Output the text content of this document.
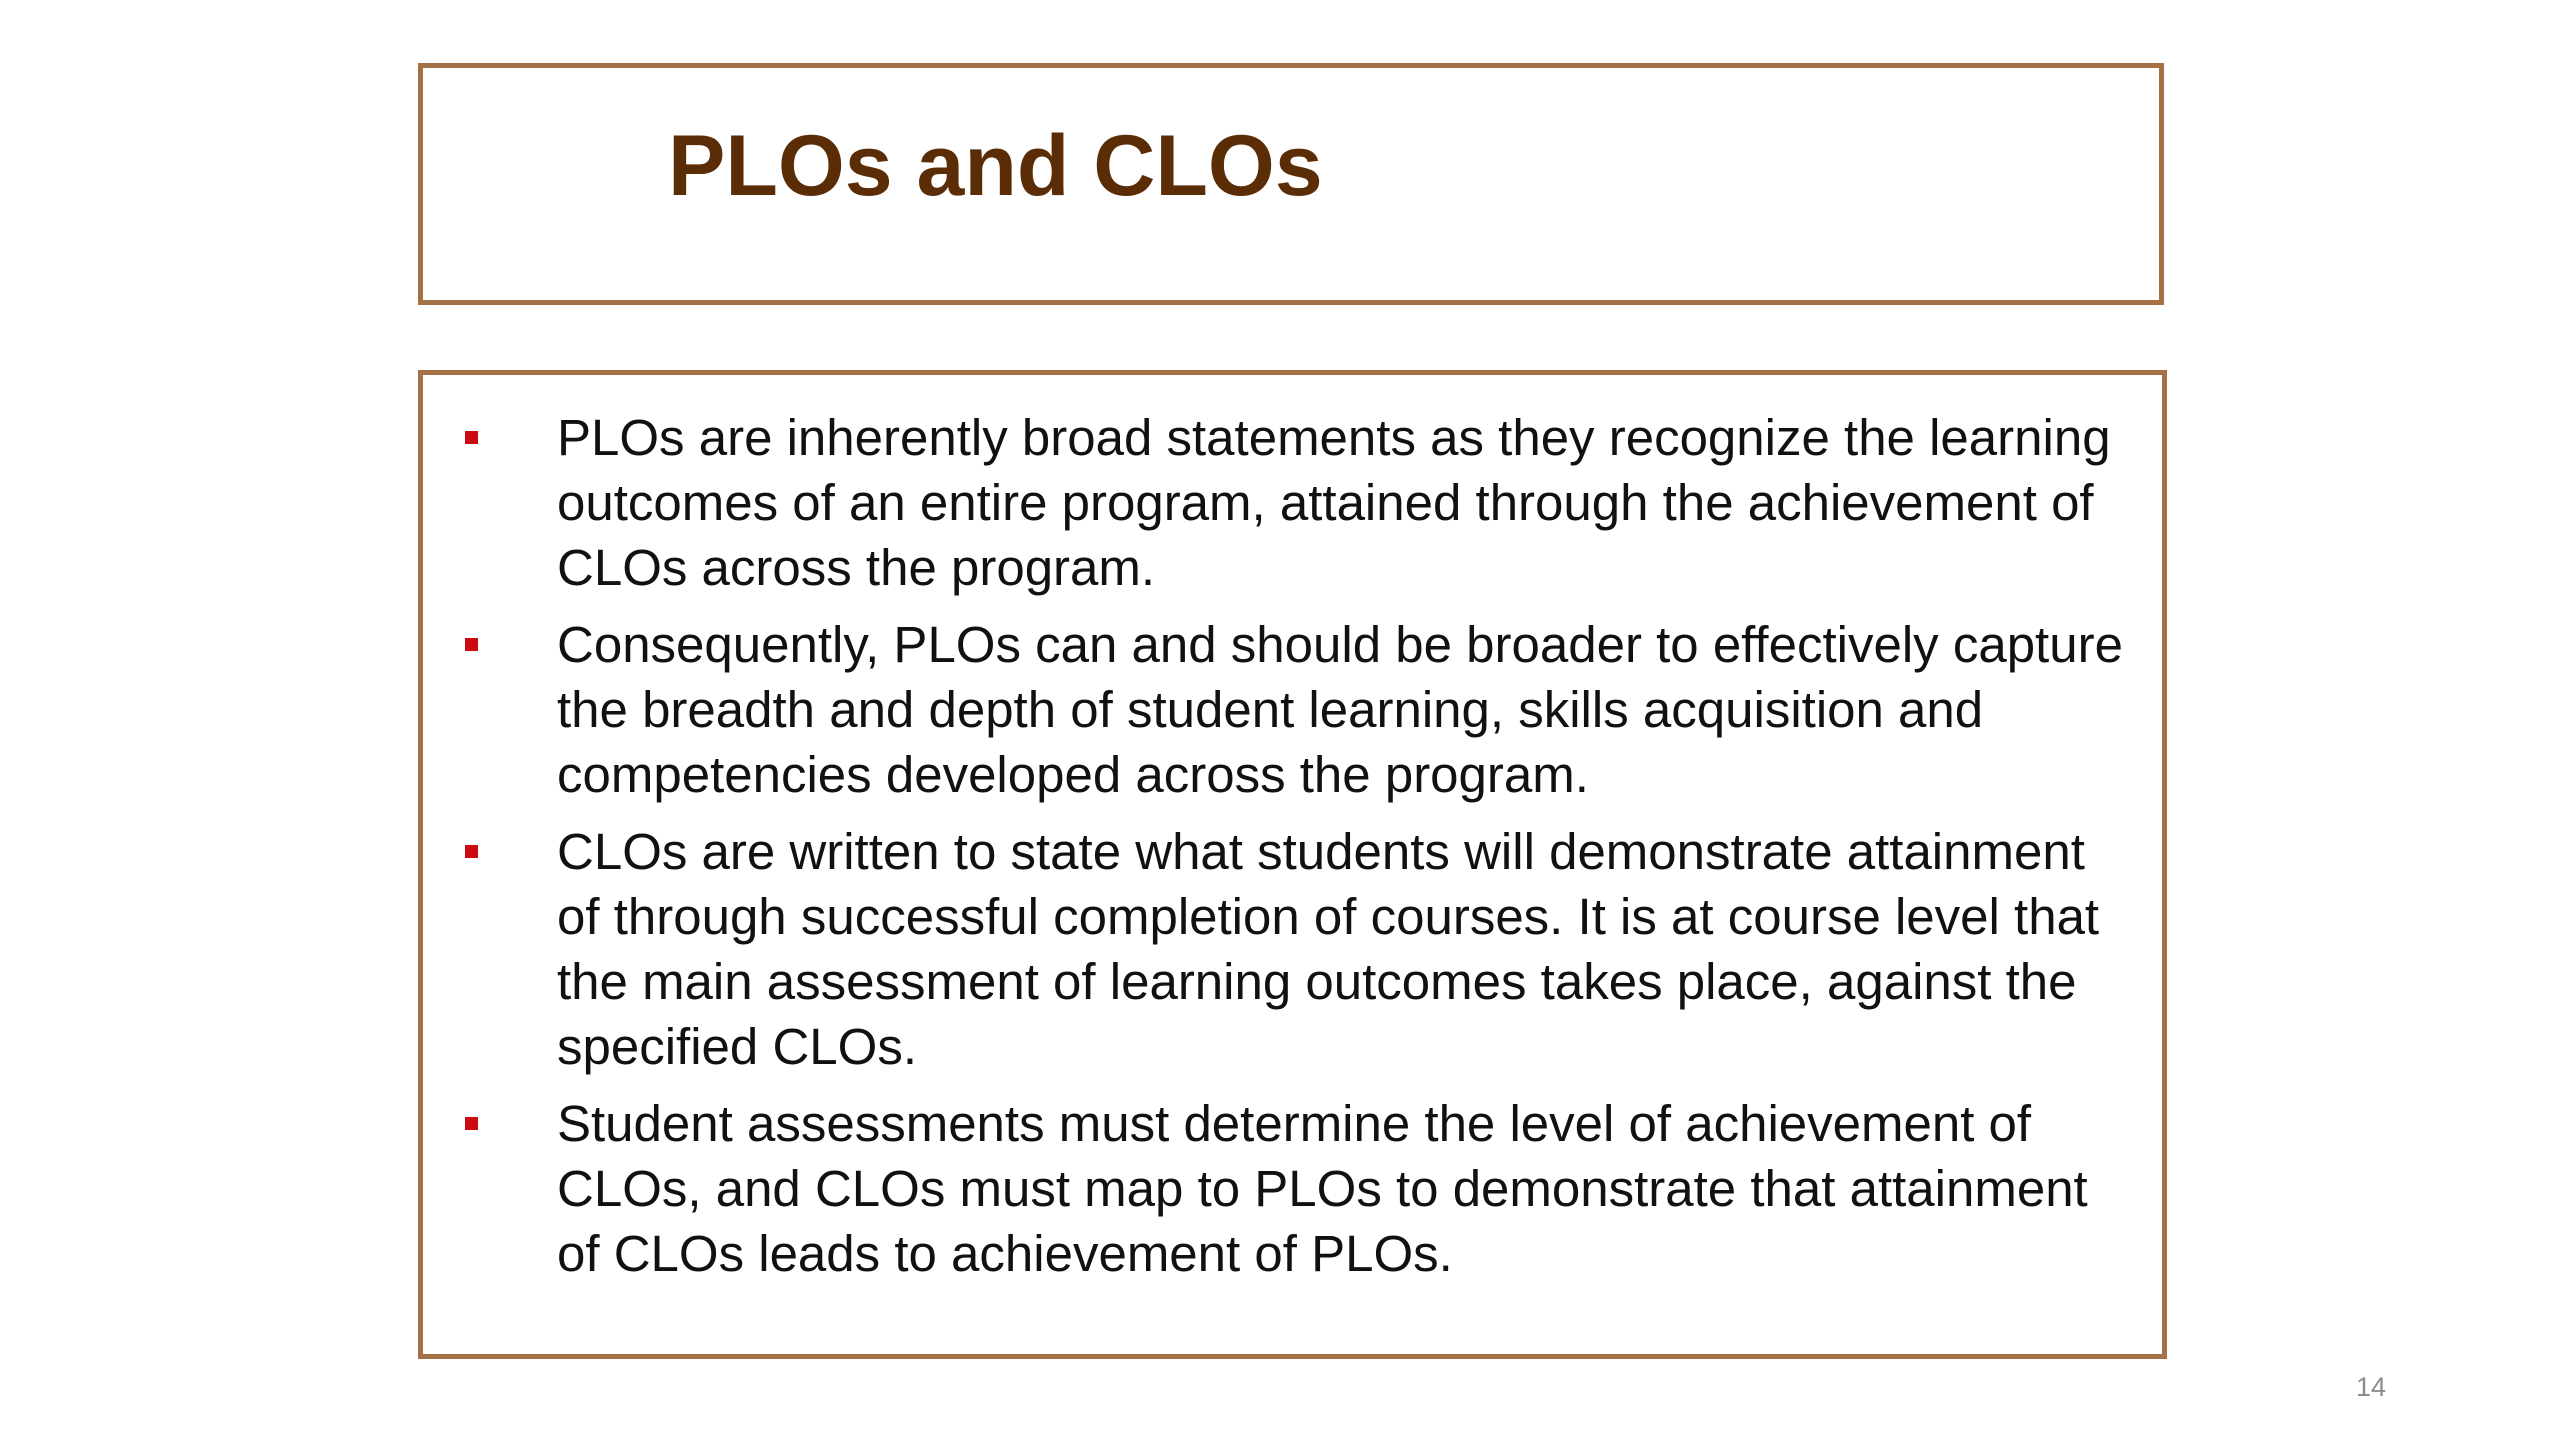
PLOs and CLOs
PLOs are inherently broad statements as they recognize the learning outcomes of an entire program, attained through the achievement of CLOs across the program.
Consequently, PLOs can and should be broader to effectively capture the breadth and depth of student learning, skills acquisition and competencies developed across the program.
CLOs are written to state what students will demonstrate attainment of through successful completion of courses. It is at course level that the main assessment of learning outcomes takes place, against the specified CLOs.
Student assessments must determine the level of achievement of CLOs, and CLOs must map to PLOs to demonstrate that attainment of CLOs leads to achievement of PLOs.
14
